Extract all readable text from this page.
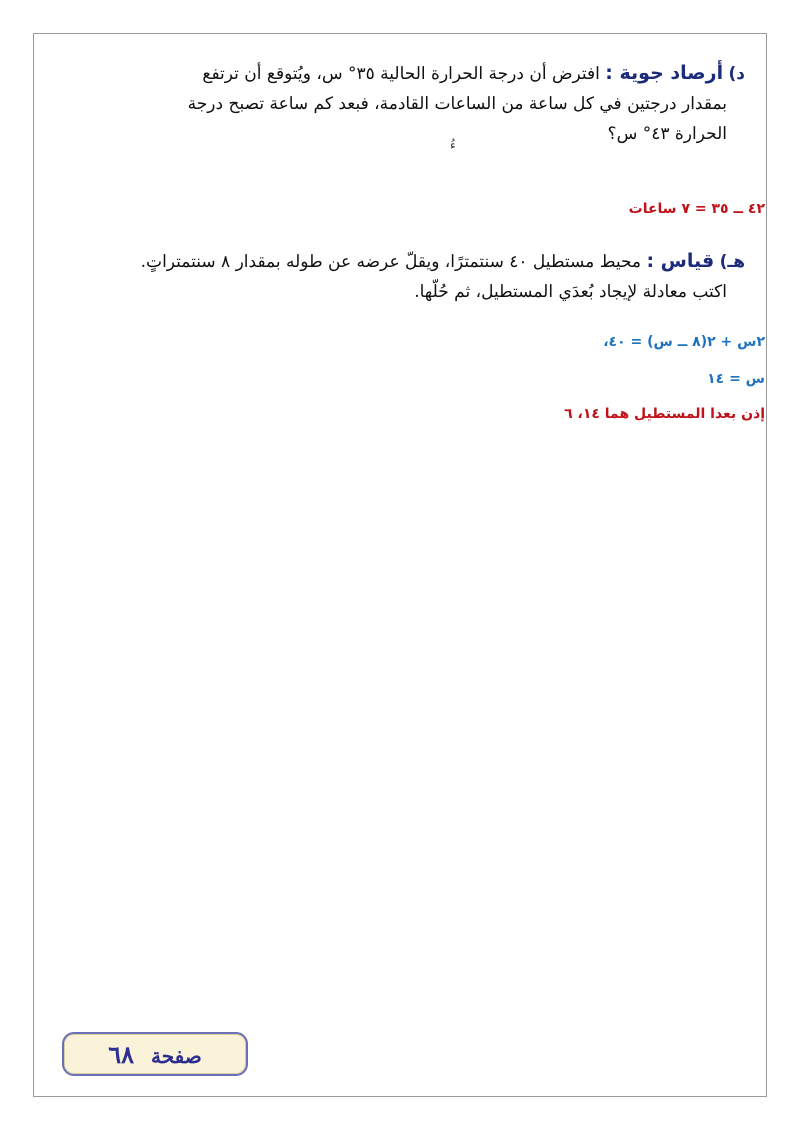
د) أرصاد جوية : افترض أن درجة الحرارة الحالية ٣٥° س، ويُتوقع أن ترتفع
بمقدار درجتين في كل ساعة من الساعات القادمة، فبعد كم ساعة تصبح درجة
الحرارة ٤٣° س؟
ءُ
٤٢ ــ ٣٥ = ٧ ساعات
هـ) قياس : محيط مستطيل ٤٠ سنتمترًا، ويقلّ عرضه عن طوله بمقدار ٨ سنتمتراتٍ.
اكتب معادلة لإيجاد بُعدَي المستطيل، ثم حُلّها.
٢س + ٢(٨ ــ س) = ٤٠،
س = ١٤
إذن بعدا المستطيل هما ١٤، ٦
صفحة ٦٨
